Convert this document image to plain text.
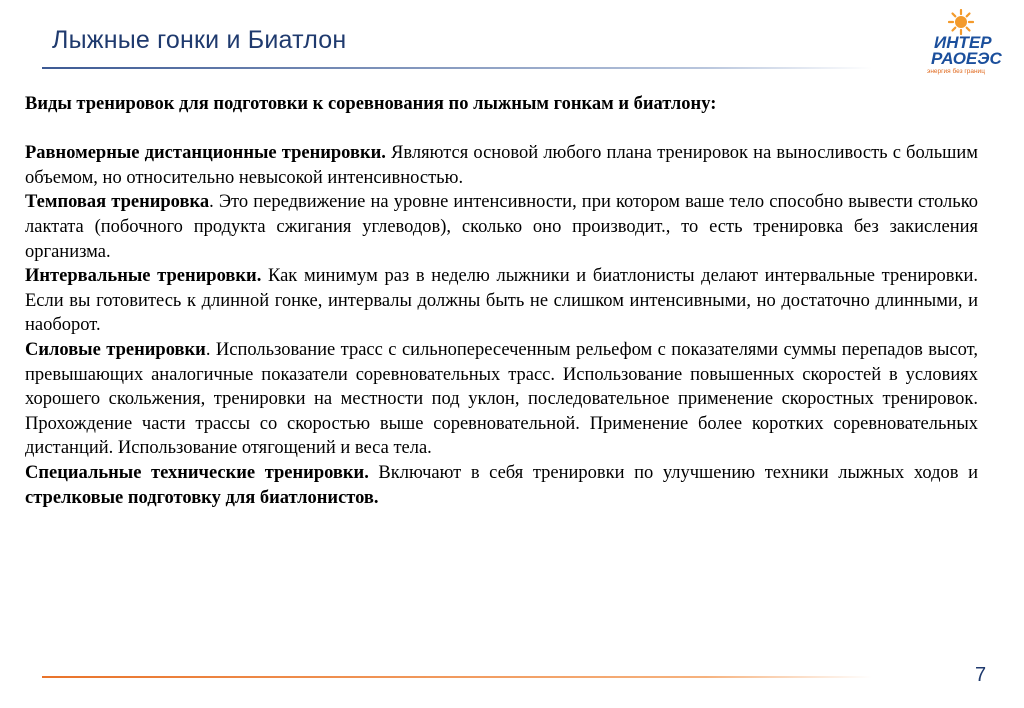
Лыжные гонки и Биатлон	ИНТЕР
РАОЕЭС
энергия без границ
Виды тренировок для подготовки к соревнования по лыжным гонкам и биатлону:
Равномерные дистанционные тренировки. Являются основой любого плана тренировок на выносливость с большим объемом, но относительно невысокой интенсивностью.
Темповая тренировка. Это передвижение на уровне интенсивности, при котором ваше тело способно вывести столько лактата (побочного продукта сжигания углеводов), сколько оно производит., то есть тренировка без закисления организма.
Интервальные тренировки. Как минимум раз в неделю лыжники и биатлонисты делают интервальные тренировки. Если вы готовитесь к длинной гонке, интервалы должны быть не слишком интенсивными, но достаточно длинными, и наоборот.
Силовые тренировки. Использование трасс с сильнопересеченным рельефом с показателями суммы перепадов высот, превышающих аналогичные показатели соревновательных трасс. Использование повышенных скоростей в условиях хорошего скольжения, тренировки на местности под уклон, последовательное применение скоростных тренировок. Прохождение части трассы со скоростью выше соревновательной. Применение более коротких соревновательных дистанций. Использование отягощений и веса тела.
Специальные технические тренировки. Включают в себя тренировки по улучшению техники лыжных ходов и стрелковые подготовку для биатлонистов.
7
